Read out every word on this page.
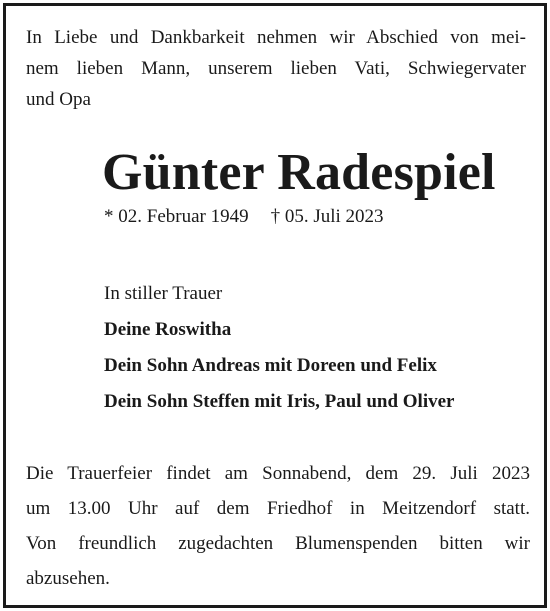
In Liebe und Dankbarkeit nehmen wir Abschied von mei-
nem lieben Mann, unserem lieben Vati, Schwiegervater
und Opa
Günter Radespiel
* 02. Februar 1949 † 05. Juli 2023
In stiller Trauer
Deine Roswitha
Dein Sohn Andreas mit Doreen und Felix
Dein Sohn Steffen mit Iris, Paul und Oliver
Die Trauerfeier findet am Sonnabend, dem 29. Juli 2023
um 13.00 Uhr auf dem Friedhof in Meitzendorf statt.
Von freundlich zugedachten Blumenspenden bitten wir
abzusehen.
